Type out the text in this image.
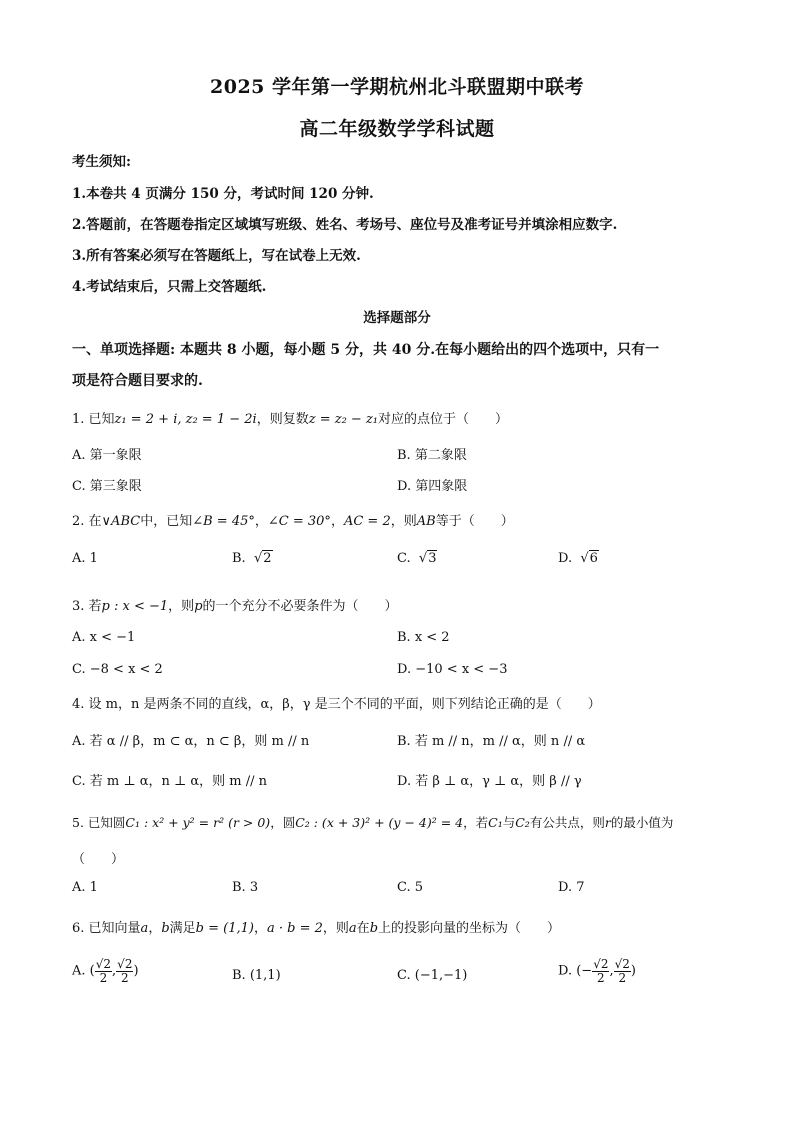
2025 学年第一学期杭州北斗联盟期中联考
高二年级数学学科试题
考生须知:
1.本卷共 4 页满分 150 分，考试时间 120 分钟.
2.答题前，在答题卷指定区域填写班级、姓名、考场号、座位号及准考证号并填涂相应数字.
3.所有答案必须写在答题纸上，写在试卷上无效.
4.考试结束后，只需上交答题纸.
选择题部分
一、单项选择题: 本题共 8 小题，每小题 5 分，共 40 分.在每小题给出的四个选项中，只有一
项是符合题目要求的.
1. 已知z₁ = 2 + i, z₂ = 1 − 2i，则复数z = z₂ − z₁对应的点位于（　　）
A. 第一象限	B. 第二象限
C. 第三象限	D. 第四象限
2. 在∨ABC中，已知∠B = 45°，∠C = 30°，AC = 2，则AB等于（　　）
A. 1	B. √2	C. √3	D. √6
3. 若p : x < −1，则p的一个充分不必要条件为（　　）
A. x < −1	B. x < 2
C. −8 < x < 2	D. −10 < x < −3
4. 设 m，n 是两条不同的直线，α，β，γ 是三个不同的平面，则下列结论正确的是（　　）
A. 若 α // β，m ⊂ α，n ⊂ β，则 m // n	B. 若 m // n，m // α，则 n // α
C. 若 m ⊥ α，n ⊥ α，则 m // n	D. 若 β ⊥ α，γ ⊥ α，则 β // γ
5. 已知圆C₁ : x² + y² = r² (r > 0)，圆C₂ : (x + 3)² + (y − 4)² = 4，若C₁与C₂有公共点，则r的最小值为
（　　）
A. 1	B. 3	C. 5	D. 7
6. 已知向量a，b满足b = (1,1)，a · b = 2，则a在b上的投影向量的坐标为（　　）
A. ( $\frac{√2}{2}$ , $\frac{√2}{2}$ )	B. (1,1)	C. (−1,−1)	D. (− $\frac{√2}{2}$ , $\frac{√2}{2}$ )
